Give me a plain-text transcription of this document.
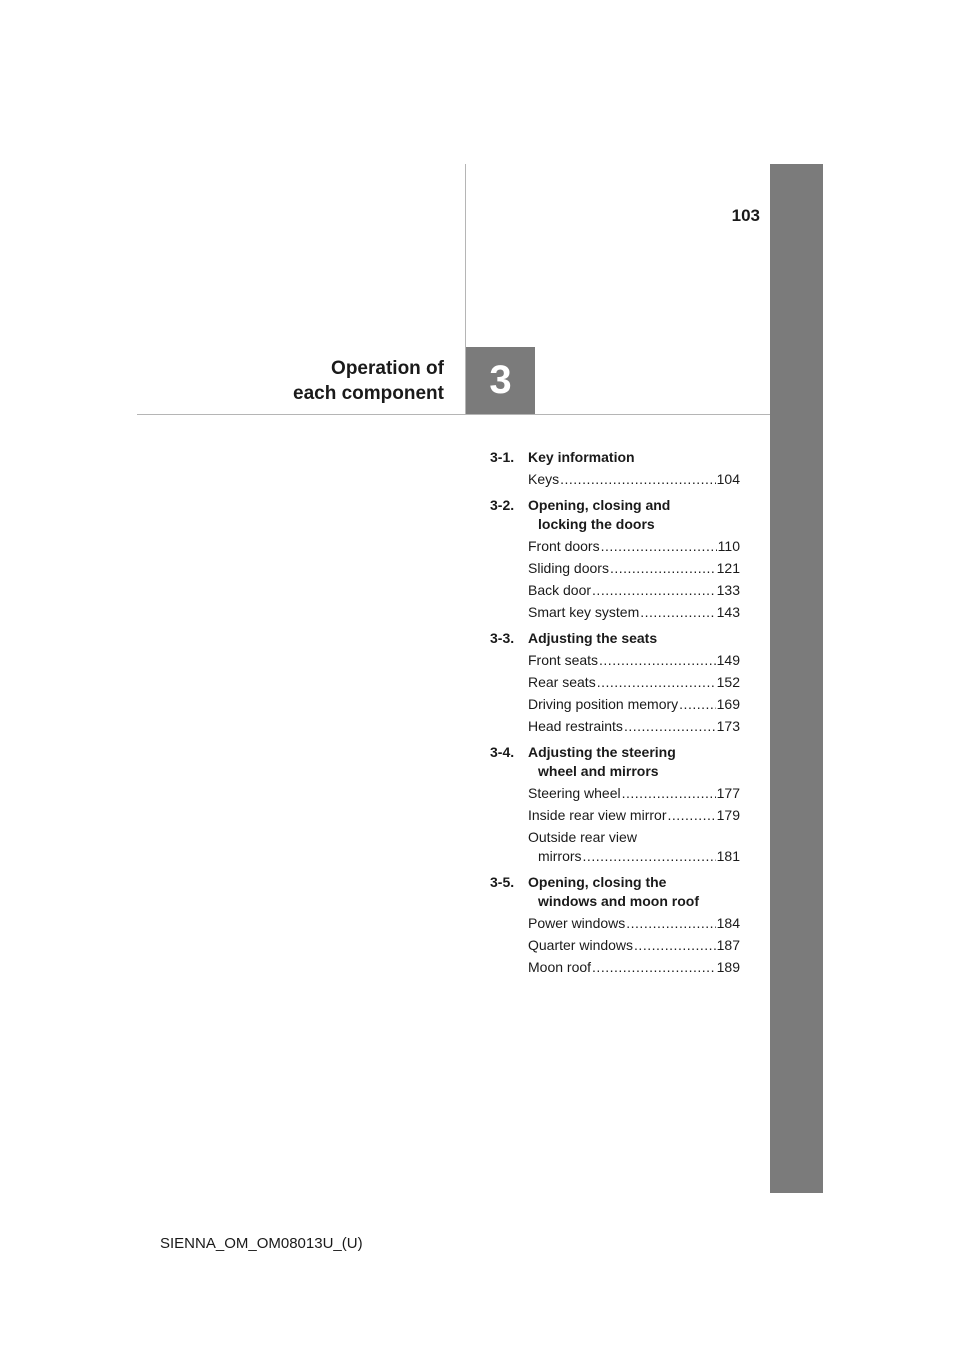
103
3
Operation of
each component
3-1. Key information
Keys .....	104
3-2. Opening, closing and
locking the doors
Front doors .....	110
Sliding doors .....	121
Back door .....	133
Smart key system .....	143
3-3. Adjusting the seats
Front seats .....	149
Rear seats .....	152
Driving position memory .....	169
Head restraints .....	173
3-4. Adjusting the steering
wheel and mirrors
Steering wheel .....	177
Inside rear view mirror .....	179
Outside rear view
mirrors .....	181
3-5. Opening, closing the
windows and moon roof
Power windows .....	184
Quarter windows .....	187
Moon roof .....	189
SIENNA_OM_OM08013U_(U)
